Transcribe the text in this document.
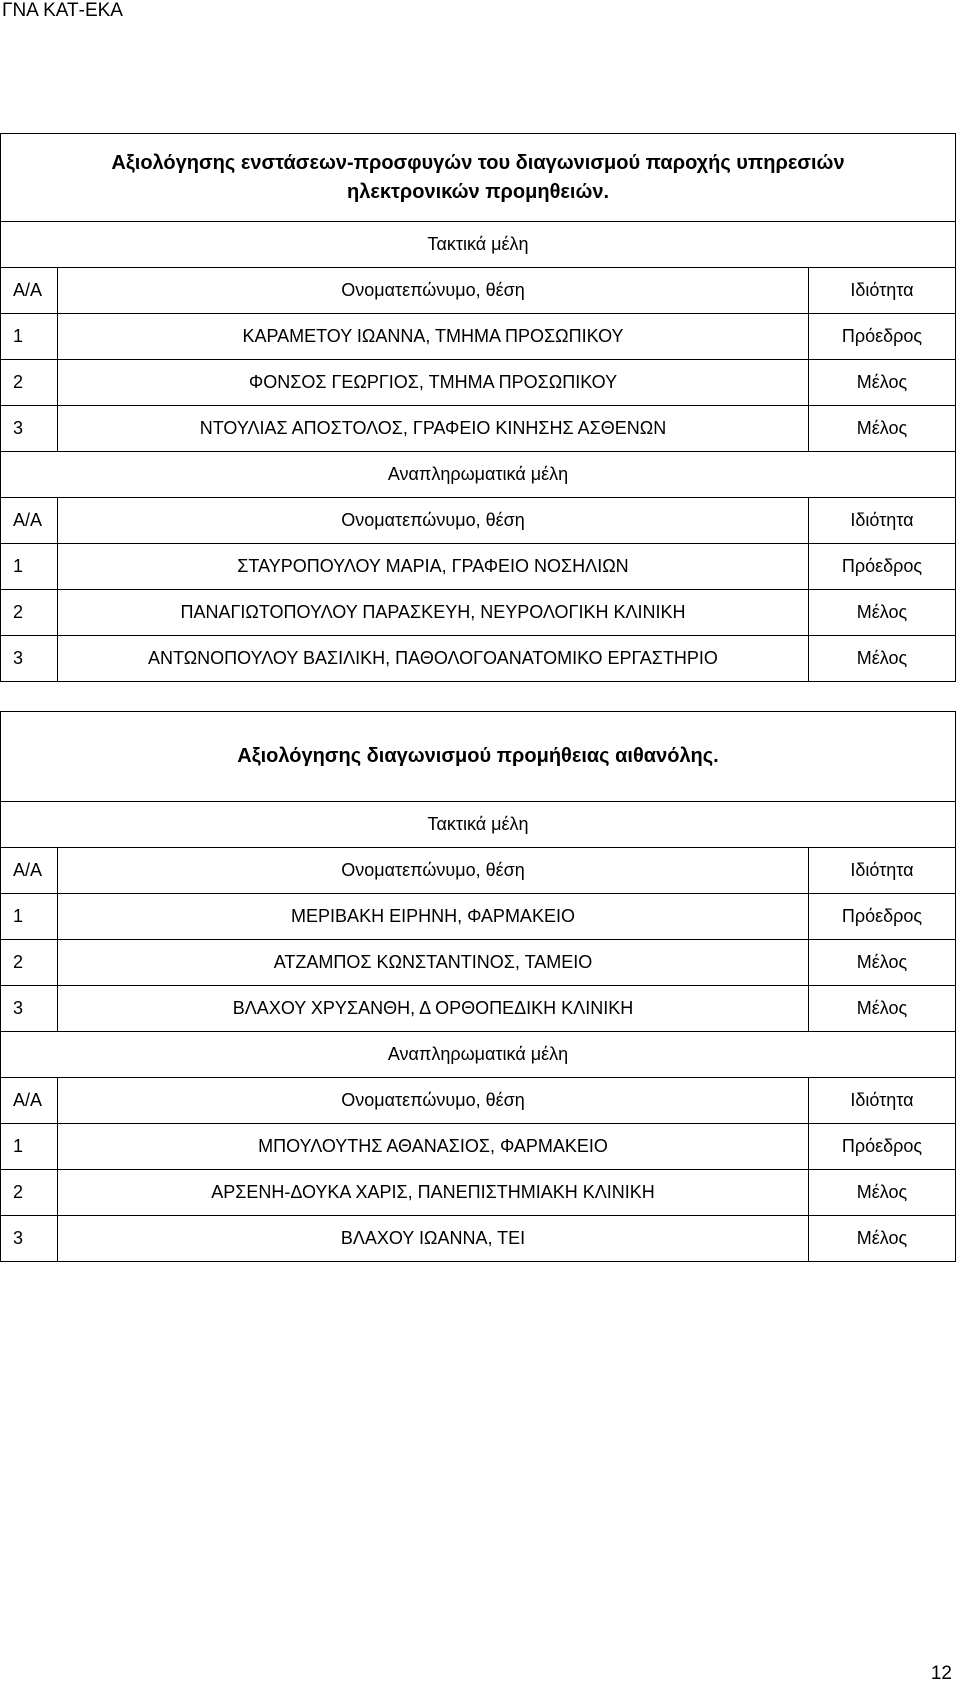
ΓΝΑ ΚΑΤ-ΕΚΑ
Αξιολόγησης ενστάσεων-προσφυγών του διαγωνισμού παροχής υπηρεσιών ηλεκτρονικών προμηθειών.		
Τακτικά μέλη		
Α/Α	Ονοματεπώνυμο, θέση	Ιδιότητα
1	ΚΑΡΑΜΕΤΟΥ ΙΩΑΝΝΑ, ΤΜΗΜΑ ΠΡΟΣΩΠΙΚΟΥ	Πρόεδρος
2	ΦΟΝΣΟΣ ΓΕΩΡΓΙΟΣ, ΤΜΗΜΑ ΠΡΟΣΩΠΙΚΟΥ	Μέλος
3	ΝΤΟΥΛΙΑΣ ΑΠΟΣΤΟΛΟΣ, ΓΡΑΦΕΙΟ ΚΙΝΗΣΗΣ ΑΣΘΕΝΩΝ	Μέλος
Αναπληρωματικά μέλη		
Α/Α	Ονοματεπώνυμο, θέση	Ιδιότητα
1	ΣΤΑΥΡΟΠΟΥΛΟΥ ΜΑΡΙΑ, ΓΡΑΦΕΙΟ ΝΟΣΗΛΙΩΝ	Πρόεδρος
2	ΠΑΝΑΓΙΩΤΟΠΟΥΛΟΥ ΠΑΡΑΣΚΕΥΗ, ΝΕΥΡΟΛΟΓΙΚΗ ΚΛΙΝΙΚΗ	Μέλος
3	ΑΝΤΩΝΟΠΟΥΛΟΥ ΒΑΣΙΛΙΚΗ, ΠΑΘΟΛΟΓΟΑΝΑΤΟΜΙΚΟ ΕΡΓΑΣΤΗΡΙΟ	Μέλος
Αξιολόγησης διαγωνισμού προμήθειας αιθανόλης.		
Τακτικά μέλη		
Α/Α	Ονοματεπώνυμο, θέση	Ιδιότητα
1	ΜΕΡΙΒΑΚΗ ΕΙΡΗΝΗ, ΦΑΡΜΑΚΕΙΟ	Πρόεδρος
2	ΑΤΖΑΜΠΟΣ ΚΩΝΣΤΑΝΤΙΝΟΣ, ΤΑΜΕΙΟ	Μέλος
3	ΒΛΑΧΟΥ ΧΡΥΣΑΝΘΗ, Δ ΟΡΘΟΠΕΔΙΚΗ ΚΛΙΝΙΚΗ	Μέλος
Αναπληρωματικά μέλη		
Α/Α	Ονοματεπώνυμο, θέση	Ιδιότητα
1	ΜΠΟΥΛΟΥΤΗΣ ΑΘΑΝΑΣΙΟΣ, ΦΑΡΜΑΚΕΙΟ	Πρόεδρος
2	ΑΡΣΕΝΗ-ΔΟΥΚΑ ΧΑΡΙΣ, ΠΑΝΕΠΙΣΤΗΜΙΑΚΗ ΚΛΙΝΙΚΗ	Μέλος
3	ΒΛΑΧΟΥ ΙΩΑΝΝΑ, ΤΕΙ	Μέλος
12
